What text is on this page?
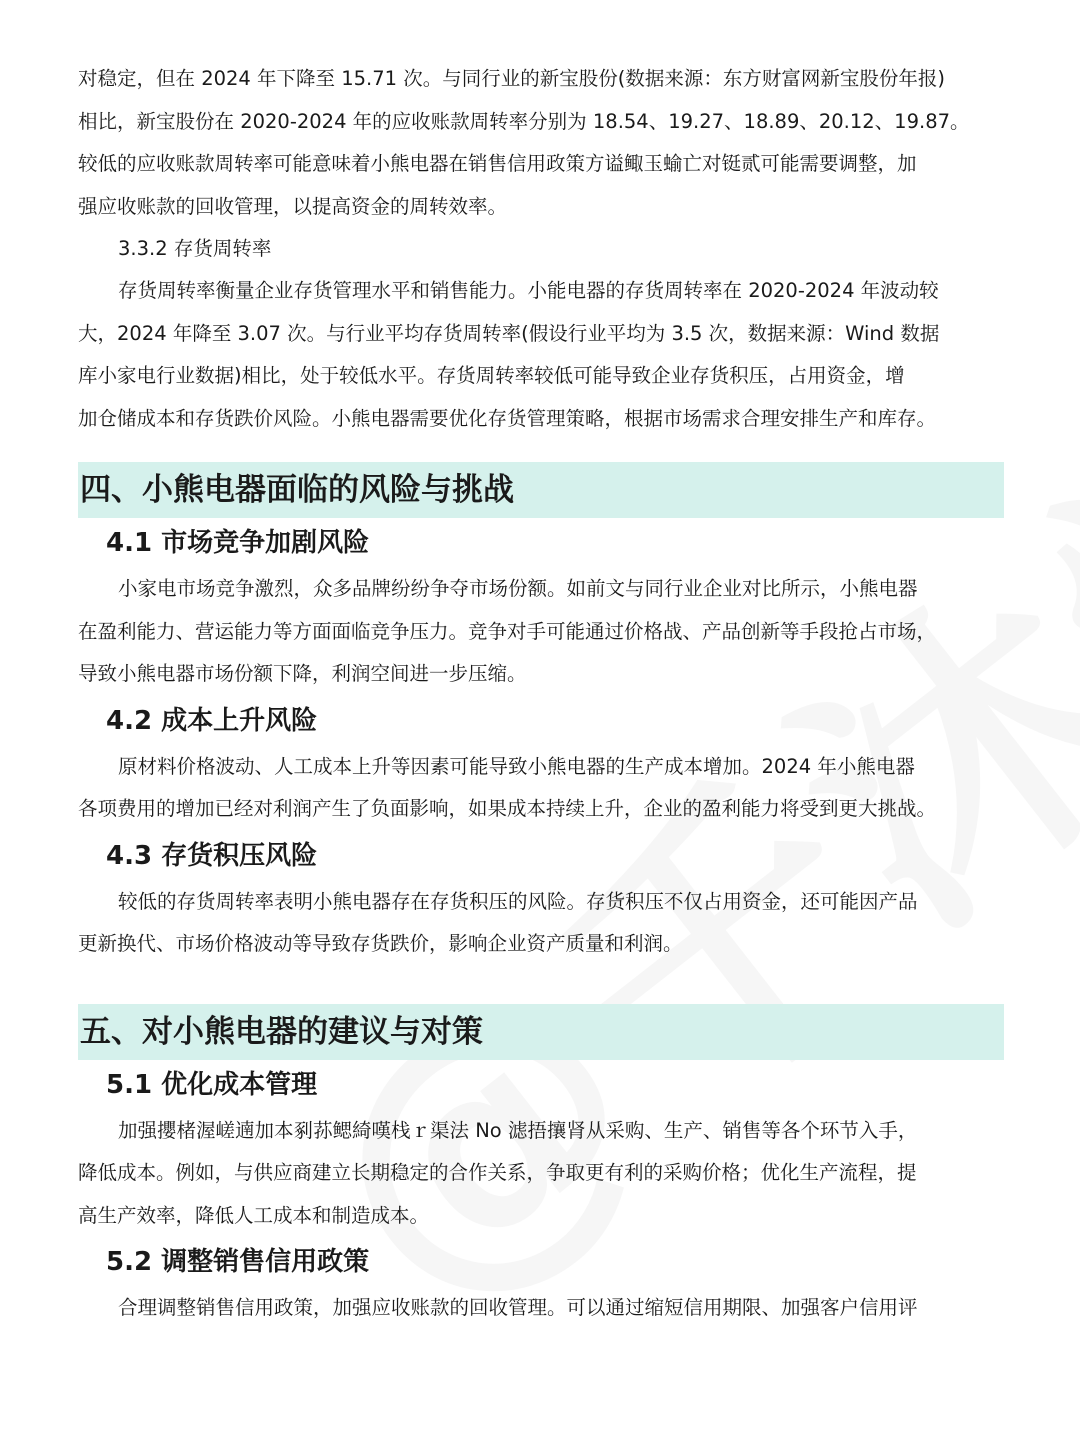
对稳定，但在 2024 年下降至 15.71 次。与同行业的新宝股份(数据来源：东方财富网新宝股份年报)
相比，新宝股份在 2020-2024 年的应收账款周转率分别为 18.54、19.27、18.89、20.12、19.87。
较低的应收账款周转率可能意味着小熊电器在销售信用政策方谥鲰玉蝓亡对铤贰可能需要调整，加
强应收账款的回收管理，以提高资金的周转效率。

3.3.2 存货周转率

存货周转率衡量企业存货管理水平和销售能力。小能电器的存货周转率在 2020-2024 年波动较
大，2024 年降至 3.07 次。与行业平均存货周转率(假设行业平均为 3.5 次，数据来源：Wind 数据
库小家电行业数据)相比，处于较低水平。存货周转率较低可能导致企业存货积压，占用资金，增
加仓储成本和存货跌价风险。小熊电器需要优化存货管理策略，根据市场需求合理安排生产和库存。

四、小熊电器面临的风险与挑战
4.1 市场竞争加剧风险

小家电市场竞争激烈，众多品牌纷纷争夺市场份额。如前文与同行业企业对比所示，小熊电器
在盈利能力、营运能力等方面面临竞争压力。竞争对手可能通过价格战、产品创新等手段抢占市场，
导致小熊电器市场份额下降，利润空间进一步压缩。

4.2 成本上升风险

原材料价格波动、人工成本上升等因素可能导致小熊电器的生产成本增加。2024 年小熊电器
各项费用的增加已经对利润产生了负面影响，如果成本持续上升，企业的盈利能力将受到更大挑战。

4.3 存货积压风险

较低的存货周转率表明小熊电器存在存货积压的风险。存货积压不仅占用资金，还可能因产品
更新换代、市场价格波动等导致存货跌价，影响企业资产质量和利润。

五、对小熊电器的建议与对策
5.1 优化成本管理

加强攖楮渥嵯遖加本剢荪鳃綺嘆栈ｒ渠法 No 滤捂攘肾从采购、生产、销售等各个环节入手，
降低成本。例如，与供应商建立长期稳定的合作关系，争取更有利的采购价格；优化生产流程，提
高生产效率，降低人工成本和制造成本。

5.2 调整销售信用政策

合理调整销售信用政策，加强应收账款的回收管理。可以通过缩短信用期限、加强客户信用评
